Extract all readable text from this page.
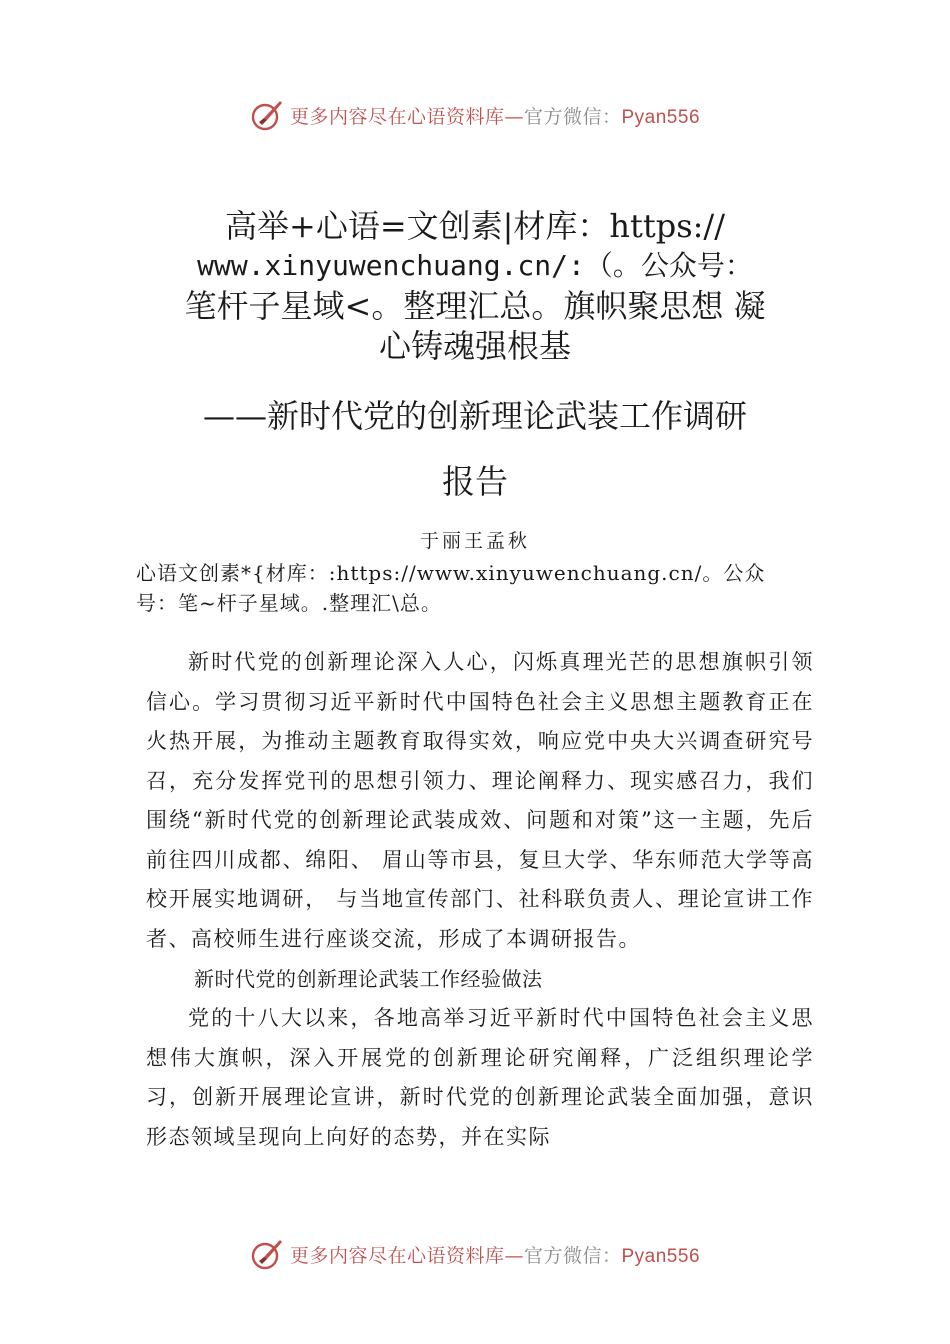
更多内容尽在心语资料库—官方微信：Pyan556
高举+心语=文创素|材库：https://
www.xinyuwenchuang.cn/:（。公众号：
笔杆子星域<。整理汇总。旗帜聚思想 凝
心铸魂强根基
——新时代党的创新理论武装工作调研
报告
于丽王孟秋
心语文创素*{材库：:https://www.xinyuwenchuang.cn/。公众
号：笔~杆子星域。.整理汇\总。

新时代党的创新理论深入人心，闪烁真理光芒的思想旗帜引领信心。学习贯彻习近平新时代中国特色社会主义思想主题教育正在火热开展，为推动主题教育取得实效，响应党中央大兴调查研究号召，充分发挥党刊的思想引领力、理论阐释力、现实感召力，我们围绕“新时代党的创新理论武装成效、问题和对策”这一主题，先后前往四川成都、绵阳、 眉山等市县，复旦大学、华东师范大学等高校开展实地调研， 与当地宣传部门、社科联负责人、理论宣讲工作者、高校师生进行座谈交流，形成了本调研报告。

新时代党的创新理论武装工作经验做法

党的十八大以来，各地高举习近平新时代中国特色社会主义思想伟大旗帜，深入开展党的创新理论研究阐释，广泛组织理论学习，创新开展理论宣讲，新时代党的创新理论武装全面加强，意识形态领域呈现向上向好的态势，并在实际

更多内容尽在心语资料库—官方微信：Pyan556
